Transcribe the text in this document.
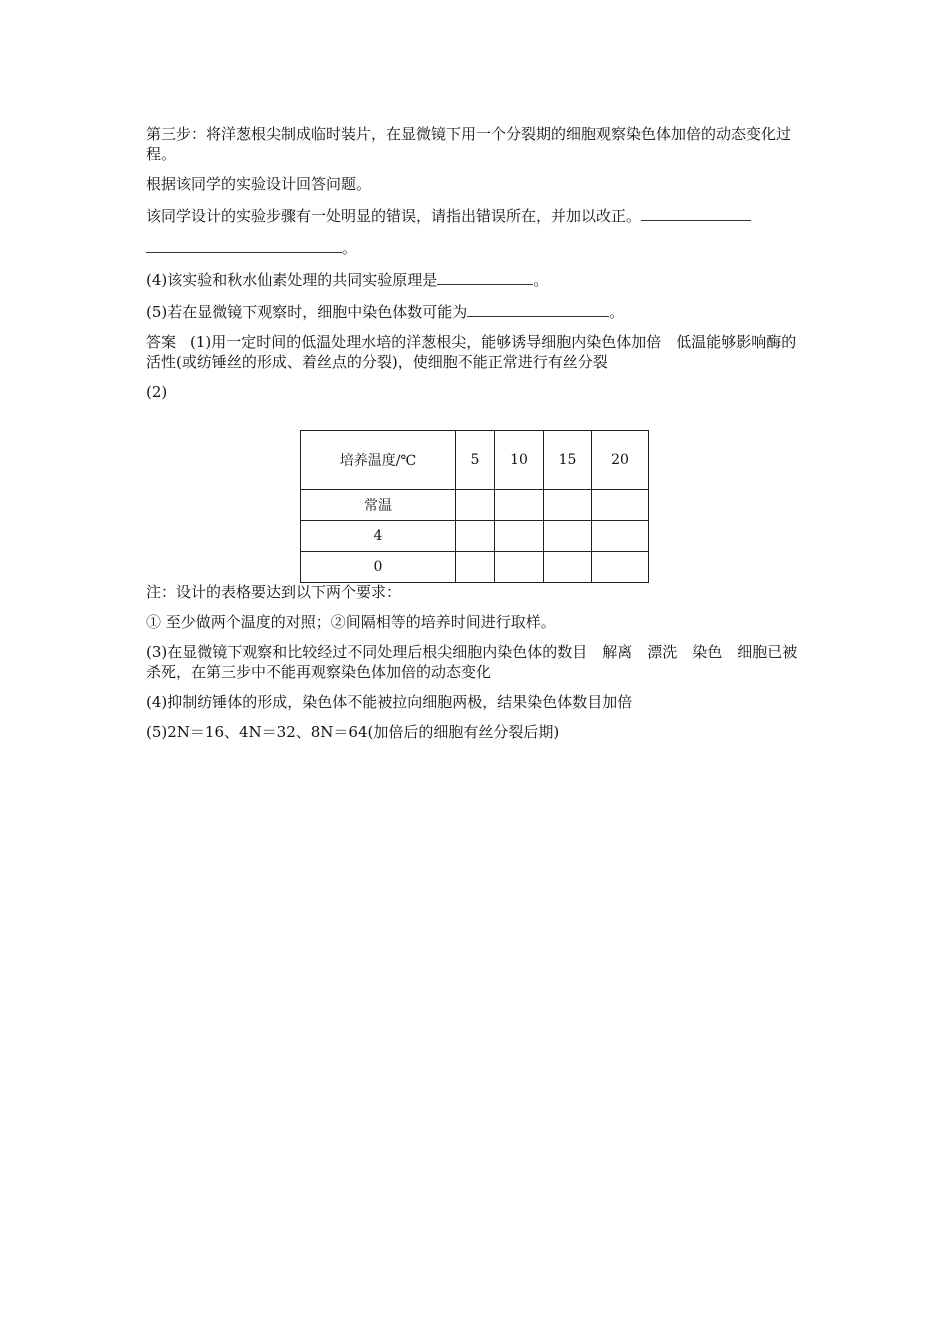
第三步：将洋葱根尖制成临时装片，在显微镜下用一个分裂期的细胞观察染色体加倍的动态变化过程。
根据该同学的实验设计回答问题。
该同学设计的实验步骤有一处明显的错误，请指出错误所在，并加以改正。
。
(4)该实验和秋水仙素处理的共同实验原理是	。
(5)若在显微镜下观察时，细胞中染色体数可能为	。
答案 (1)用一定时间的低温处理水培的洋葱根尖，能够诱导细胞内染色体加倍　低温能够影响酶的活性(或纺锤丝的形成、着丝点的分裂)，使细胞不能正常进行有丝分裂
(2)
培养温度/℃	5	10	15	20
常温				
4				
0				
注：设计的表格要达到以下两个要求：
① 至少做两个温度的对照；②间隔相等的培养时间进行取样。
(3)在显微镜下观察和比较经过不同处理后根尖细胞内染色体的数目　解离　漂洗　染色　细胞已被杀死，在第三步中不能再观察染色体加倍的动态变化
(4)抑制纺锤体的形成，染色体不能被拉向细胞两极，结果染色体数目加倍
(5)2N＝16、4N＝32、8N＝64(加倍后的细胞有丝分裂后期)
